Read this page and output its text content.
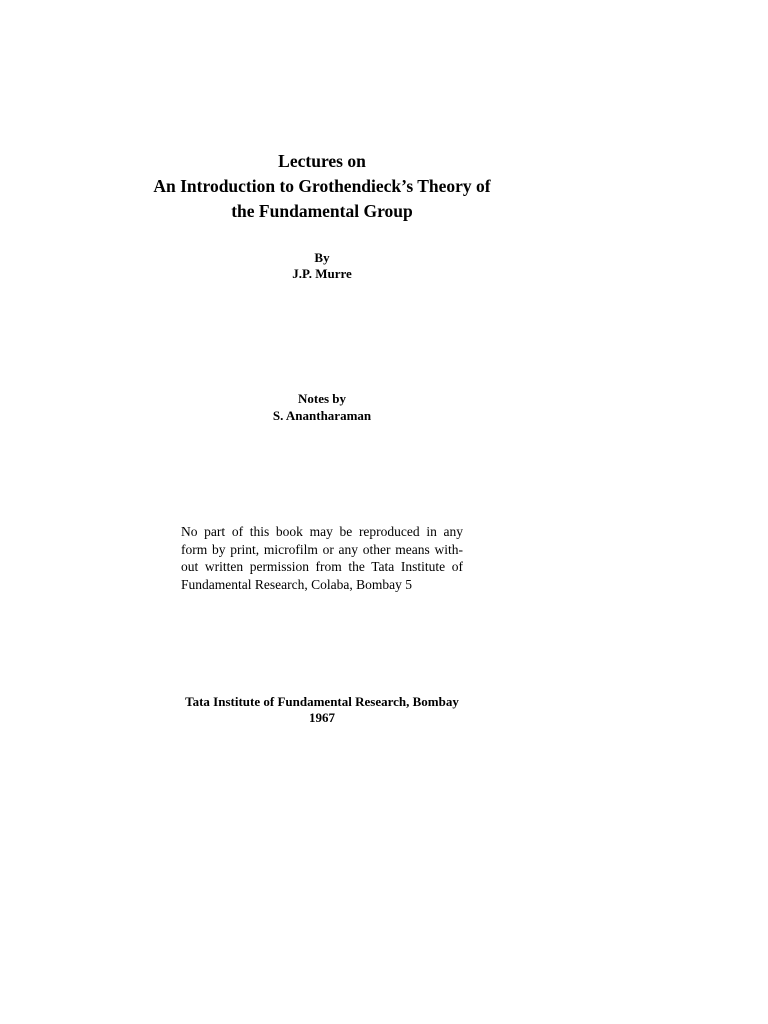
Lectures on
An Introduction to Grothendieck’s Theory of
the Fundamental Group
By
J.P. Murre
Notes by
S. Anantharaman
No part of this book may be reproduced in any
form by print, microfilm or any other means with-
out written permission from the Tata Institute of
Fundamental Research, Colaba, Bombay 5
Tata Institute of Fundamental Research, Bombay
1967
